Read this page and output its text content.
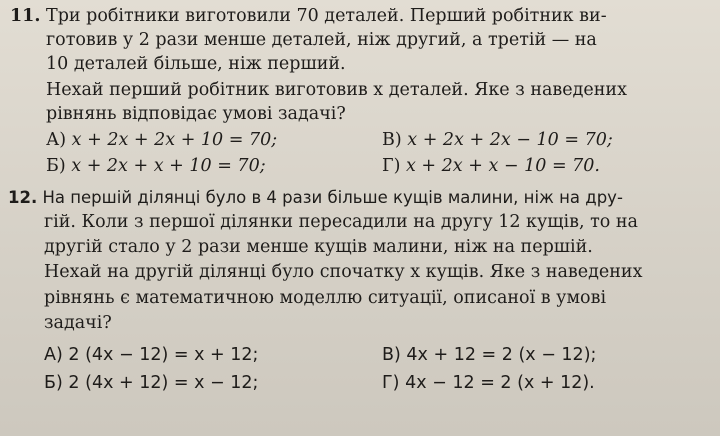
11. Три робітники виготовили 70 деталей. Перший робітник ви-
готовив у 2 рази менше деталей, ніж другий, а третій — на
10 деталей більше, ніж перший.
Нехай перший робітник виготовив x деталей. Яке з наведених
рівнянь відповідає умові задачі?
А) x + 2x + 2x + 10 = 70;	В) x + 2x + 2x − 10 = 70;
Б) x + 2x + x + 10 = 70;	Г) x + 2x + x − 10 = 70.
12. На першій ділянці було в 4 рази більше кущів малини, ніж на дру-
гій. Коли з першої ділянки пересадили на другу 12 кущів, то на
другій стало у 2 рази менше кущів малини, ніж на першій.
Нехай на другій ділянці було спочатку x кущів. Яке з наведених
рівнянь є математичною моделлю ситуації, описаної в умові
задачі?
А) 2 (4x − 12) = x + 12;	В) 4x + 12 = 2 (x − 12);
Б) 2 (4x + 12) = x − 12;	Г) 4x − 12 = 2 (x + 12).
